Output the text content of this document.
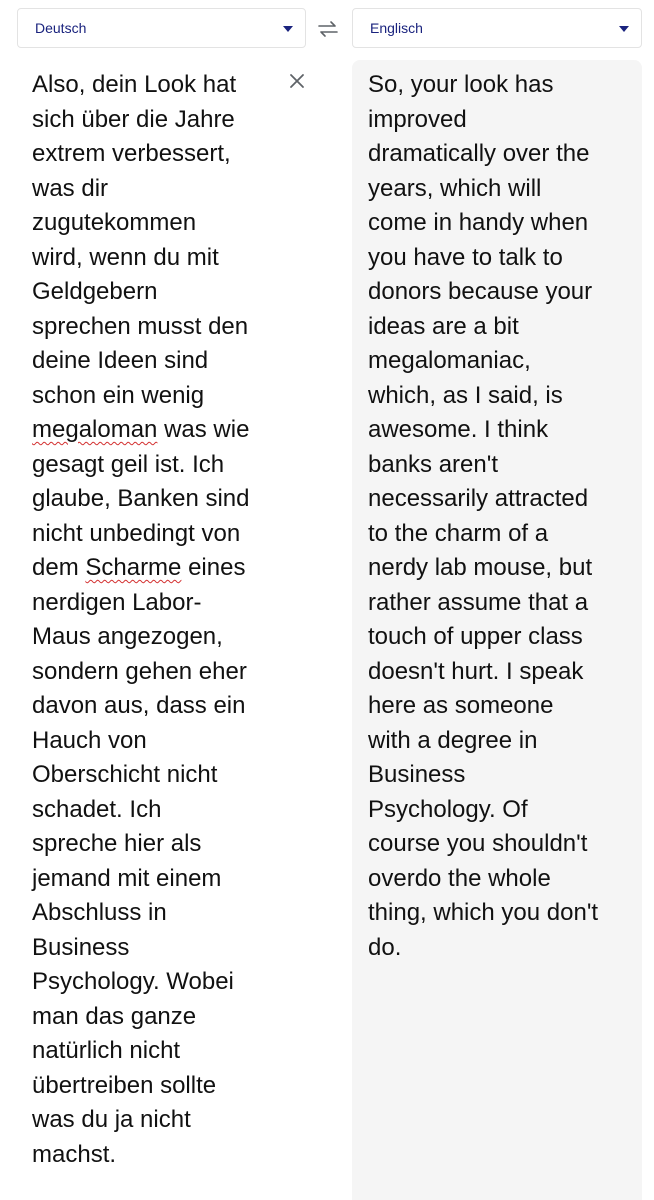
Deutsch	Englisch
Also, dein Look hat
sich über die Jahre
extrem verbessert,
was dir
zugutekommen
wird, wenn du mit
Geldgebern
sprechen musst den
deine Ideen sind
schon ein wenig
megaloman was wie
gesagt geil ist. Ich
glaube, Banken sind
nicht unbedingt von
dem Scharme eines
nerdigen Labor-
Maus angezogen,
sondern gehen eher
davon aus, dass ein
Hauch von
Oberschicht nicht
schadet. Ich
spreche hier als
jemand mit einem
Abschluss in
Business
Psychology. Wobei
man das ganze
natürlich nicht
übertreiben sollte
was du ja nicht
machst.
So, your look has
improved
dramatically over the
years, which will
come in handy when
you have to talk to
donors because your
ideas are a bit
megalomaniac,
which, as I said, is
awesome. I think
banks aren't
necessarily attracted
to the charm of a
nerdy lab mouse, but
rather assume that a
touch of upper class
doesn't hurt. I speak
here as someone
with a degree in
Business
Psychology. Of
course you shouldn't
overdo the whole
thing, which you don't
do.
